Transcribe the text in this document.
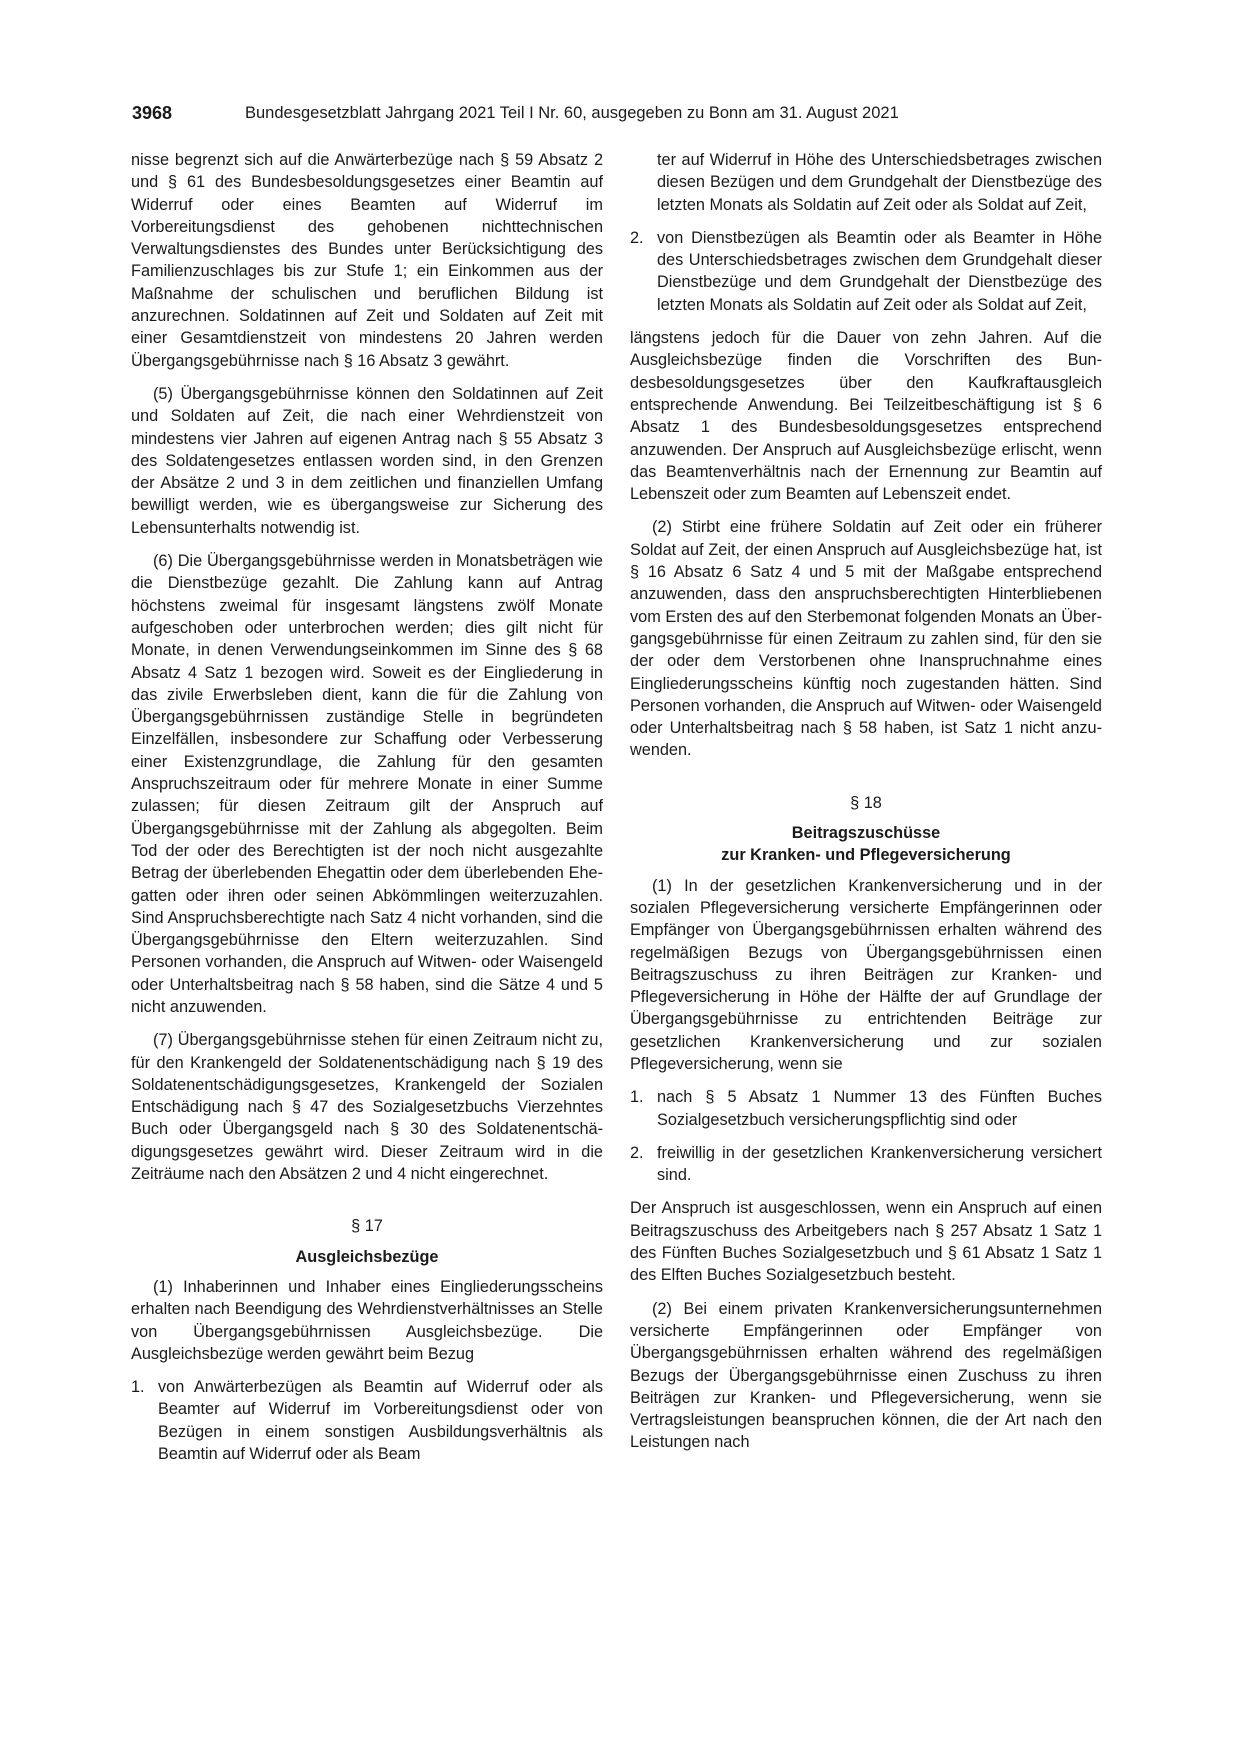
3968	Bundesgesetzblatt Jahrgang 2021 Teil I Nr. 60, ausgegeben zu Bonn am 31. August 2021

nisse begrenzt sich auf die Anwärterbezüge nach § 59 Absatz 2 und § 61 des Bundesbesoldungsgesetzes einer Beamtin auf Widerruf oder eines Beamten auf Widerruf im Vorbereitungsdienst des gehobenen nichttechnischen Verwaltungsdienstes des Bundes unter Berücksichtigung des Familienzuschlages bis zur Stufe 1; ein Einkommen aus der Maßnahme der schulischen und beruflichen Bildung ist anzurechnen. Soldatinnen auf Zeit und Soldaten auf Zeit mit einer Gesamtdienstzeit von mindestens 20 Jahren werden Übergangsgebührnisse nach § 16 Absatz 3 gewährt.

(5) Übergangsgebührnisse können den Soldatinnen auf Zeit und Soldaten auf Zeit, die nach einer Wehrdienstzeit von mindestens vier Jahren auf eigenen Antrag nach § 55 Absatz 3 des Soldatengesetzes entlassen worden sind, in den Grenzen der Absätze 2 und 3 in dem zeitlichen und finanziellen Umfang bewilligt werden, wie es übergangsweise zur Sicherung des Lebensunterhalts notwendig ist.

(6) Die Übergangsgebührnisse werden in Monatsbeträgen wie die Dienstbezüge gezahlt. Die Zahlung kann auf Antrag höchstens zweimal für insgesamt längstens zwölf Monate aufgeschoben oder unterbrochen werden; dies gilt nicht für Monate, in denen Verwendungseinkommen im Sinne des § 68 Absatz 4 Satz 1 bezogen wird. Soweit es der Eingliederung in das zivile Erwerbsleben dient, kann die für die Zahlung von Übergangsgebührnissen zuständige Stelle in begründeten Einzelfällen, insbesondere zur Schaffung oder Verbesserung einer Existenzgrundlage, die Zahlung für den gesamten Anspruchszeitraum oder für mehrere Monate in einer Summe zulassen; für diesen Zeitraum gilt der Anspruch auf Übergangsgebührnisse mit der Zahlung als abgegolten. Beim Tod der oder des Berechtigten ist der noch nicht ausgezahlte Betrag der überlebenden Ehegattin oder dem überlebenden Ehegatten oder ihren oder seinen Abkömmlingen weiterzuzahlen. Sind Anspruchsberechtigte nach Satz 4 nicht vorhanden, sind die Übergangsgebührnisse den Eltern weiterzuzahlen. Sind Personen vorhanden, die Anspruch auf Witwen- oder Waisengeld oder Unterhaltsbeitrag nach § 58 haben, sind die Sätze 4 und 5 nicht anzuwenden.

(7) Übergangsgebührnisse stehen für einen Zeitraum nicht zu, für den Krankengeld der Soldatenentschädigung nach § 19 des Soldatenentschädigungsgesetzes, Krankengeld der Sozialen Entschädigung nach § 47 des Sozialgesetzbuchs Vierzehntes Buch oder Übergangsgeld nach § 30 des Soldatenentschädigungsgesetzes gewährt wird. Dieser Zeitraum wird in die Zeiträume nach den Absätzen 2 und 4 nicht eingerechnet.

§ 17
Ausgleichsbezüge

(1) Inhaberinnen und Inhaber eines Eingliederungsscheins erhalten nach Beendigung des Wehrdienstverhältnisses an Stelle von Übergangsgebührnissen Ausgleichsbezüge. Die Ausgleichsbezüge werden gewährt beim Bezug

1. von Anwärterbezügen als Beamtin auf Widerruf oder als Beamter auf Widerruf im Vorbereitungsdienst oder von Bezügen in einem sonstigen Ausbildungsverhältnis als Beamtin auf Widerruf oder als Beam

ter auf Widerruf in Höhe des Unterschiedsbetrages zwischen diesen Bezügen und dem Grundgehalt der Dienstbezüge des letzten Monats als Soldatin auf Zeit oder als Soldat auf Zeit,

2. von Dienstbezügen als Beamtin oder als Beamter in Höhe des Unterschiedsbetrages zwischen dem Grundgehalt dieser Dienstbezüge und dem Grundgehalt der Dienstbezüge des letzten Monats als Soldatin auf Zeit oder als Soldat auf Zeit,

längstens jedoch für die Dauer von zehn Jahren. Auf die Ausgleichsbezüge finden die Vorschriften des Bundesbesoldungsgesetzes über den Kaufkraftausgleich entsprechende Anwendung. Bei Teilzeitbeschäftigung ist § 6 Absatz 1 des Bundesbesoldungsgesetzes entsprechend anzuwenden. Der Anspruch auf Ausgleichsbezüge erlischt, wenn das Beamtenverhältnis nach der Ernennung zur Beamtin auf Lebenszeit oder zum Beamten auf Lebenszeit endet.

(2) Stirbt eine frühere Soldatin auf Zeit oder ein früherer Soldat auf Zeit, der einen Anspruch auf Ausgleichsbezüge hat, ist § 16 Absatz 6 Satz 4 und 5 mit der Maßgabe entsprechend anzuwenden, dass den anspruchsberechtigten Hinterbliebenen vom Ersten des auf den Sterbemonat folgenden Monats an Übergangsgebührnisse für einen Zeitraum zu zahlen sind, für den sie der oder dem Verstorbenen ohne Inanspruchnahme eines Eingliederungsscheins künftig noch zugestanden hätten. Sind Personen vorhanden, die Anspruch auf Witwen- oder Waisengeld oder Unterhaltsbeitrag nach § 58 haben, ist Satz 1 nicht anzuwenden.

§ 18
Beitragszuschüsse
zur Kranken- und Pflegeversicherung

(1) In der gesetzlichen Krankenversicherung und in der sozialen Pflegeversicherung versicherte Empfängerinnen oder Empfänger von Übergangsgebührnissen erhalten während des regelmäßigen Bezugs von Übergangsgebührnissen einen Beitragszuschuss zu ihren Beiträgen zur Kranken- und Pflegeversicherung in Höhe der Hälfte der auf Grundlage der Übergangsgebührnisse zu entrichtenden Beiträge zur gesetzlichen Krankenversicherung und zur sozialen Pflegeversicherung, wenn sie

1. nach § 5 Absatz 1 Nummer 13 des Fünften Buches Sozialgesetzbuch versicherungspflichtig sind oder
2. freiwillig in der gesetzlichen Krankenversicherung versichert sind.

Der Anspruch ist ausgeschlossen, wenn ein Anspruch auf einen Beitragszuschuss des Arbeitgebers nach § 257 Absatz 1 Satz 1 des Fünften Buches Sozialgesetzbuch und § 61 Absatz 1 Satz 1 des Elften Buches Sozialgesetzbuch besteht.

(2) Bei einem privaten Krankenversicherungsunternehmen versicherte Empfängerinnen oder Empfänger von Übergangsgebührnissen erhalten während des regelmäßigen Bezugs der Übergangsgebührnisse einen Zuschuss zu ihren Beiträgen zur Kranken- und Pflegeversicherung, wenn sie Vertragsleistungen beanspruchen können, die der Art nach den Leistungen nach
